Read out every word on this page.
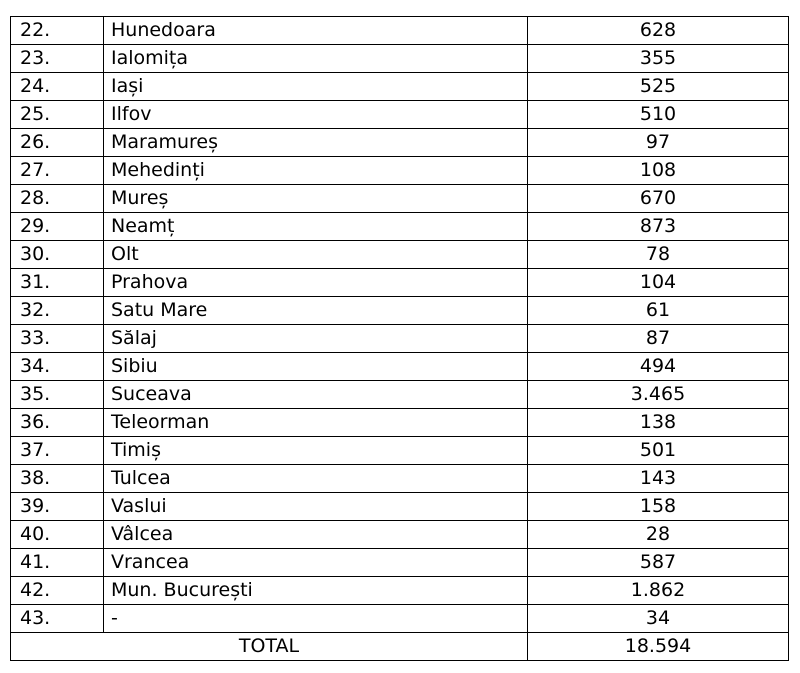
22.	Hunedoara	628
23.	Ialomița	355
24.	Iași	525
25.	Ilfov	510
26.	Maramureș	97
27.	Mehedinți	108
28.	Mureș	670
29.	Neamț	873
30.	Olt	78
31.	Prahova	104
32.	Satu Mare	61
33.	Sălaj	87
34.	Sibiu	494
35.	Suceava	3.465
36.	Teleorman	138
37.	Timiș	501
38.	Tulcea	143
39.	Vaslui	158
40.	Vâlcea	28
41.	Vrancea	587
42.	Mun. București	1.862
43.	-	34
TOTAL		18.594
